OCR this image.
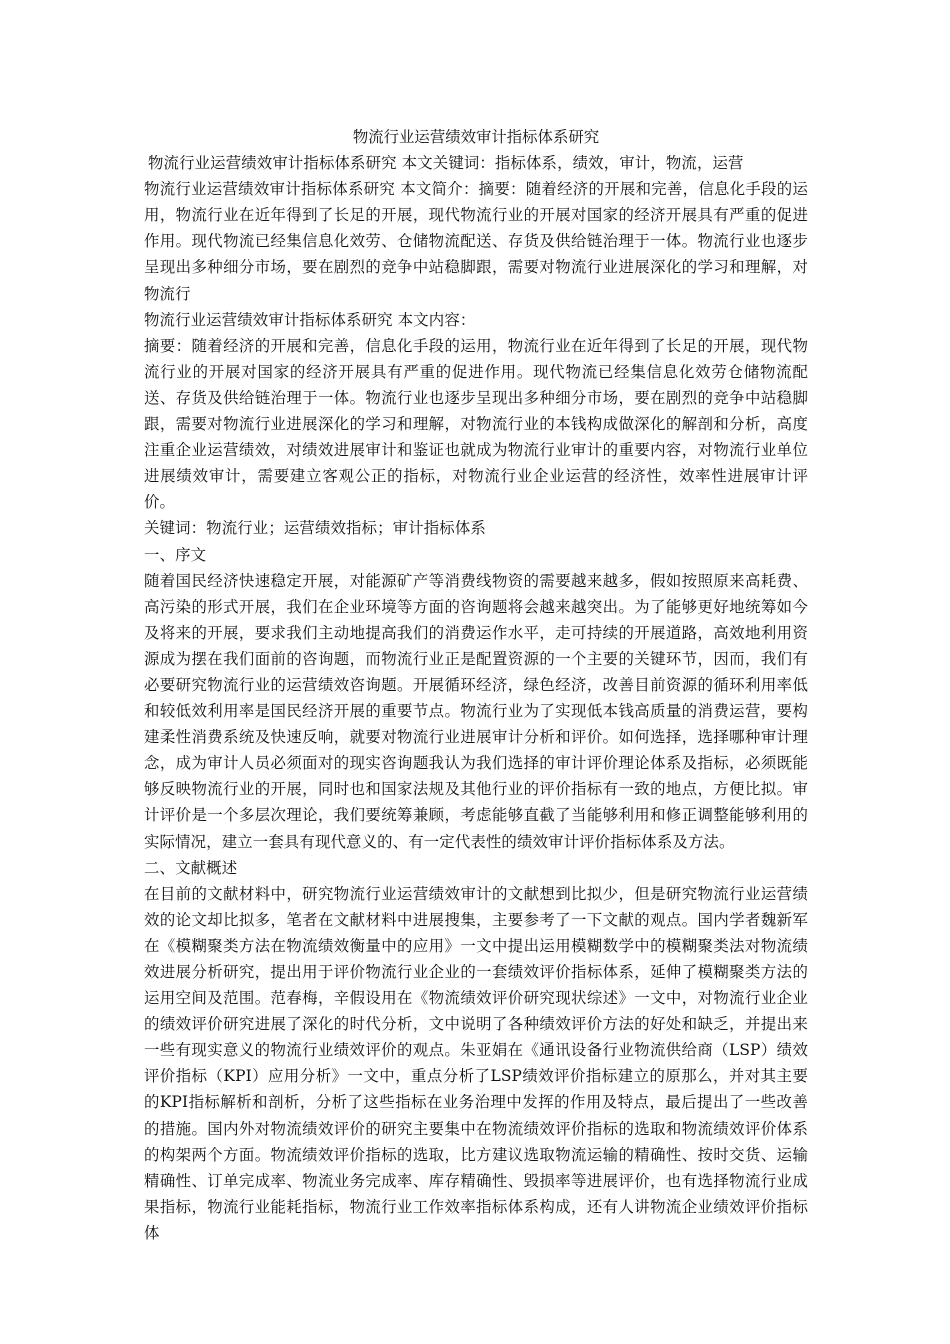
物流行业运营绩效审计指标体系研究

物流行业运营绩效审计指标体系研究 本文关键词：指标体系，绩效，审计，物流，运营

物流行业运营绩效审计指标体系研究 本文简介：摘要：随着经济的开展和完善，信息化手段的运用，物流行业在近年得到了长足的开展，现代物流行业的开展对国家的经济开展具有严重的促进作用。现代物流已经集信息化效劳、仓储物流配送、存货及供给链治理于一体。物流行业也逐步呈现出多种细分市场，要在剧烈的竞争中站稳脚跟，需要对物流行业进展深化的学习和理解，对物流行

物流行业运营绩效审计指标体系研究 本文内容：

摘要：随着经济的开展和完善，信息化手段的运用，物流行业在近年得到了长足的开展，现代物流行业的开展对国家的经济开展具有严重的促进作用。现代物流已经集信息化效劳仓储物流配送、存货及供给链治理于一体。物流行业也逐步呈现出多种细分市场，要在剧烈的竞争中站稳脚跟，需要对物流行业进展深化的学习和理解，对物流行业的本钱构成做深化的解剖和分析，高度注重企业运营绩效，对绩效进展审计和鉴证也就成为物流行业审计的重要内容，对物流行业单位进展绩效审计，需要建立客观公正的指标，对物流行业企业运营的经济性，效率性进展审计评价。

关键词：物流行业；运营绩效指标；审计指标体系

一、序文

随着国民经济快速稳定开展，对能源矿产等消费线物资的需要越来越多，假如按照原来高耗费、高污染的形式开展，我们在企业环境等方面的咨询题将会越来越突出。为了能够更好地统筹如今及将来的开展，要求我们主动地提高我们的消费运作水平，走可持续的开展道路，高效地利用资源成为摆在我们面前的咨询题，而物流行业正是配置资源的一个主要的关键环节，因而，我们有必要研究物流行业的运营绩效咨询题。开展循环经济，绿色经济，改善目前资源的循环利用率低和较低效利用率是国民经济开展的重要节点。物流行业为了实现低本钱高质量的消费运营，要构建柔性消费系统及快速反响，就要对物流行业进展审计分析和评价。如何选择，选择哪种审计理念，成为审计人员必须面对的现实咨询题我认为我们选择的审计评价理论体系及指标，必须既能够反映物流行业的开展，同时也和国家法规及其他行业的评价指标有一致的地点，方便比拟。审计评价是一个多层次理论，我们要统筹兼顾，考虑能够直截了当能够利用和修正调整能够利用的实际情况，建立一套具有现代意义的、有一定代表性的绩效审计评价指标体系及方法。

二、文献概述

在目前的文献材料中，研究物流行业运营绩效审计的文献想到比拟少，但是研究物流行业运营绩效的论文却比拟多，笔者在文献材料中进展搜集，主要参考了一下文献的观点。国内学者魏新军在《模糊聚类方法在物流绩效衡量中的应用》一文中提出运用模糊数学中的模糊聚类法对物流绩效进展分析研究，提出用于评价物流行业企业的一套绩效评价指标体系，延伸了模糊聚类方法的运用空间及范围。范春梅，辛假设用在《物流绩效评价研究现状综述》一文中，对物流行业企业的绩效评价研究进展了深化的时代分析，文中说明了各种绩效评价方法的好处和缺乏，并提出来一些有现实意义的物流行业绩效评价的观点。朱亚娟在《通讯设备行业物流供给商（LSP）绩效评价指标（KPI）应用分析》一文中，重点分析了LSP绩效评价指标建立的原那么，并对其主要的KPI指标解析和剖析，分析了这些指标在业务治理中发挥的作用及特点，最后提出了一些改善的措施。国内外对物流绩效评价的研究主要集中在物流绩效评价指标的选取和物流绩效评价体系的构架两个方面。物流绩效评价指标的选取，比方建议选取物流运输的精确性、按时交货、运输精确性、订单完成率、物流业务完成率、库存精确性、毁损率等进展评价，也有选择物流行业成果指标，物流行业能耗指标，物流行业工作效率指标体系构成，还有人讲物流企业绩效评价指标体
